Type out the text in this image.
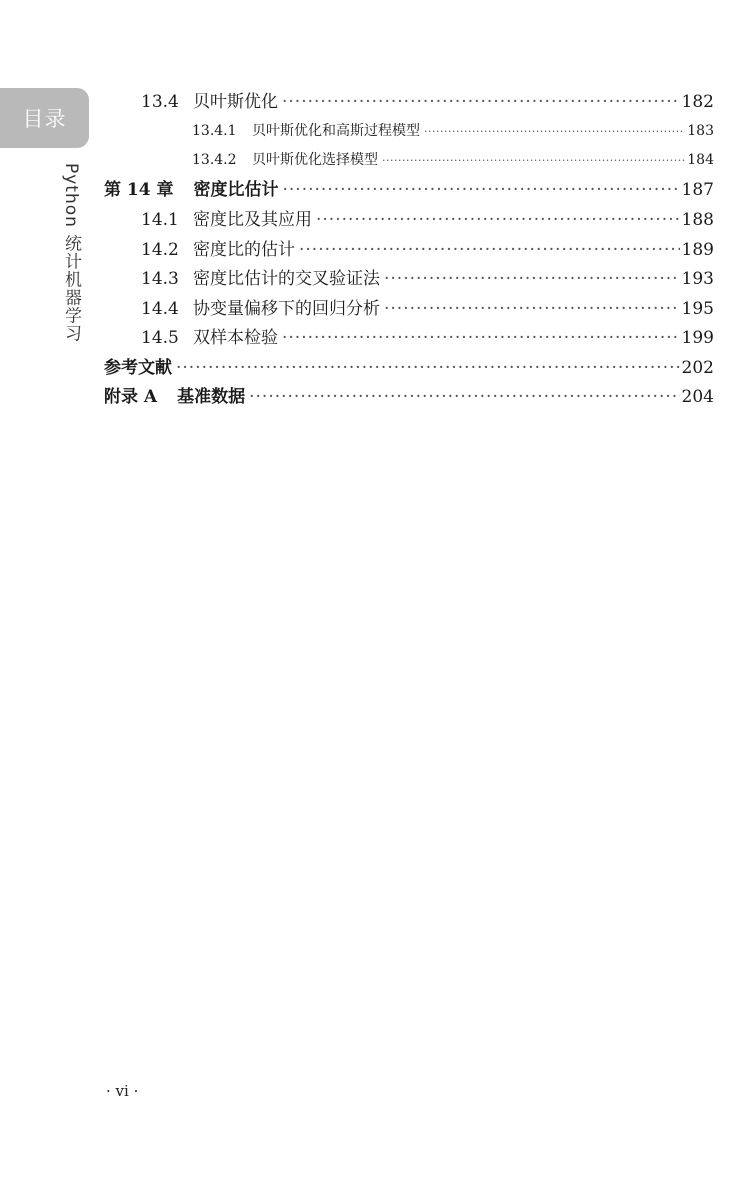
目录
Python 统计机器学习
13.4 贝叶斯优化 ·····	182
13.4.1	贝叶斯优化和高斯过程模型 ·····	183
13.4.2	贝叶斯优化选择模型 ·····	184
第 14 章 密度比估计 ·····	187
14.1 密度比及其应用 ·····	188
14.2 密度比的估计 ·····	189
14.3 密度比估计的交叉验证法 ·····	193
14.4 协变量偏移下的回归分析 ·····	195
14.5 双样本检验 ·····	199
参考文献 ·····	202
附录 A 基准数据 ·····	204
· vi ·
